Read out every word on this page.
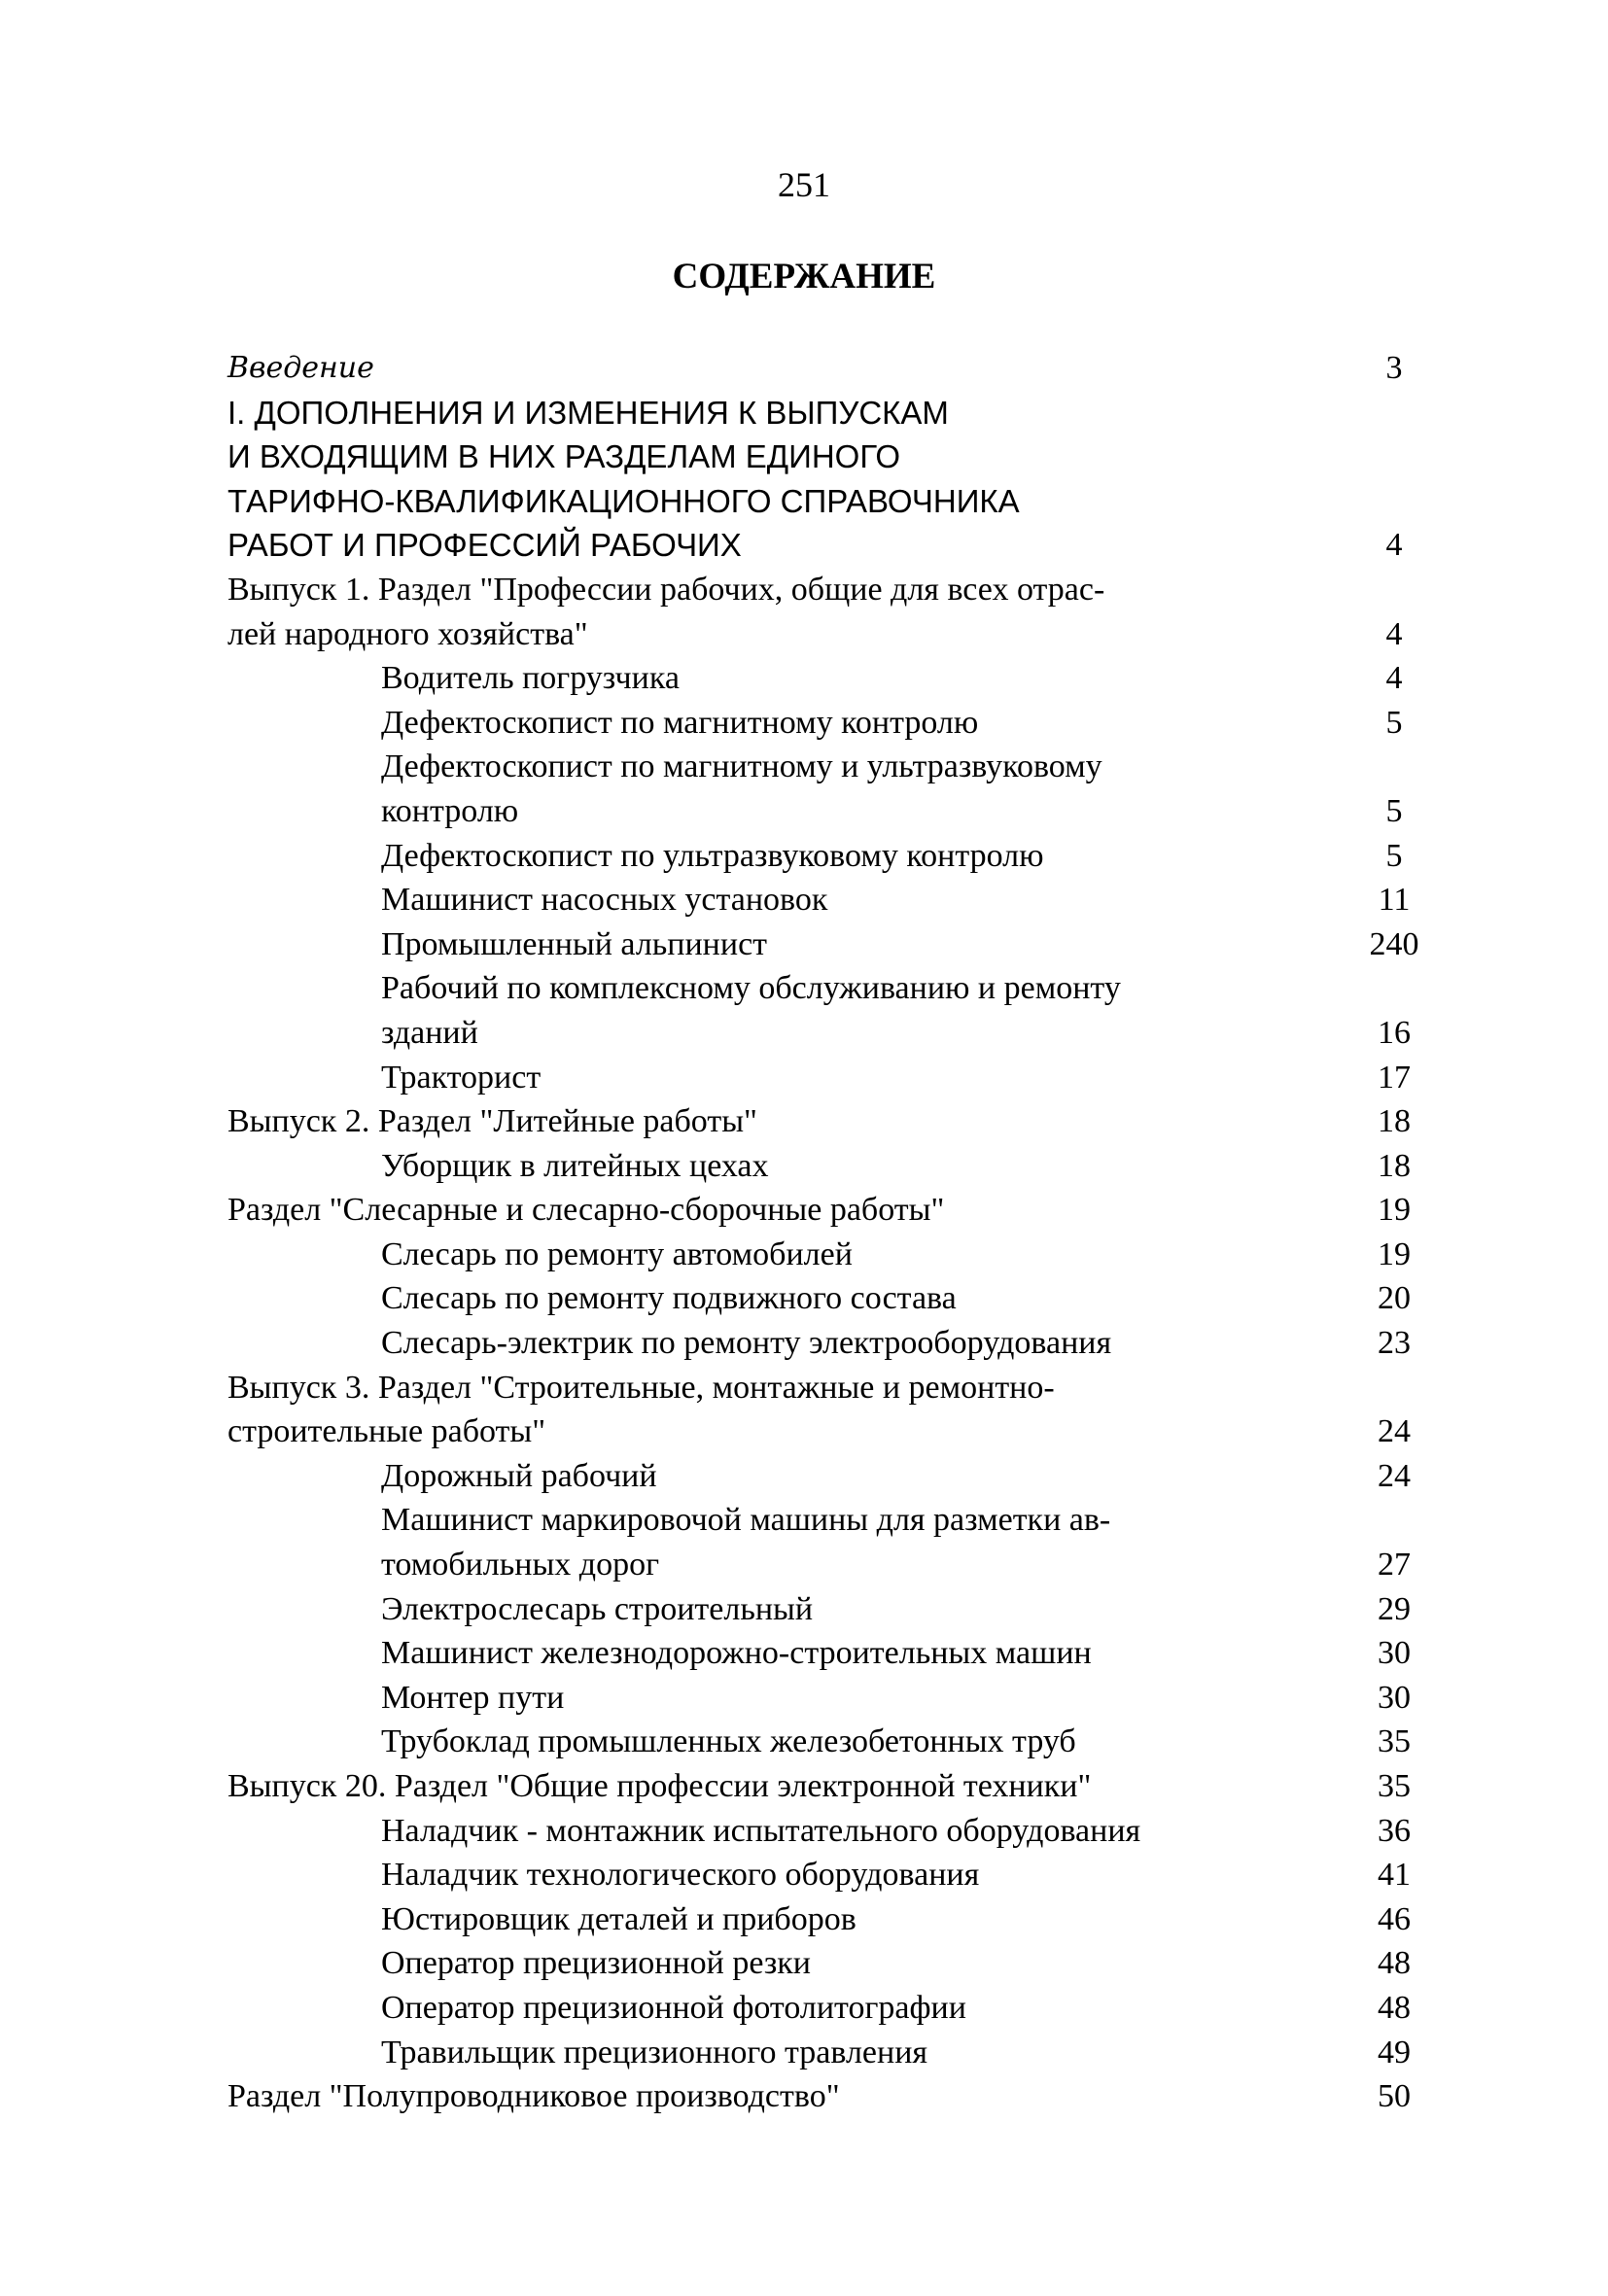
251
СОДЕРЖАНИЕ
Введение	3
I. ДОПОЛНЕНИЯ И ИЗМЕНЕНИЯ К ВЫПУСКАМ
И ВХОДЯЩИМ В НИХ РАЗДЕЛАМ ЕДИНОГО
ТАРИФНО-КВАЛИФИКАЦИОННОГО СПРАВОЧНИКА
РАБОТ И ПРОФЕССИЙ РАБОЧИХ	4
Выпуск 1. Раздел "Профессии рабочих, общие для всех отрас-
лей народного хозяйства"	4
Водитель погрузчика	4
Дефектоскопист по магнитному контролю	5
Дефектоскопист по магнитному и ультразвуковому
контролю	5
Дефектоскопист по ультразвуковому контролю	5
Машинист насосных установок	11
Промышленный альпинист	240
Рабочий по комплексному обслуживанию и ремонту
зданий	16
Тракторист	17
Выпуск 2. Раздел "Литейные работы"	18
Уборщик в литейных цехах	18
Раздел "Слесарные и слесарно-сборочные работы"	19
Слесарь по ремонту автомобилей	19
Слесарь по ремонту подвижного состава	20
Слесарь-электрик по ремонту электрооборудования	23
Выпуск 3. Раздел "Строительные, монтажные и ремонтно-
строительные работы"	24
Дорожный рабочий	24
Машинист маркировочой машины для разметки ав-
томобильных дорог	27
Электрослесарь строительный	29
Машинист железнодорожно-строительных машин	30
Монтер пути	30
Трубоклад промышленных железобетонных труб	35
Выпуск 20. Раздел "Общие профессии электронной техники"	35
Наладчик - монтажник испытательного оборудования	36
Наладчик технологического оборудования	41
Юстировщик деталей и приборов	46
Оператор прецизионной резки	48
Оператор прецизионной фотолитографии	48
Травильщик прецизионного травления	49
Раздел "Полупроводниковое производство"	50
